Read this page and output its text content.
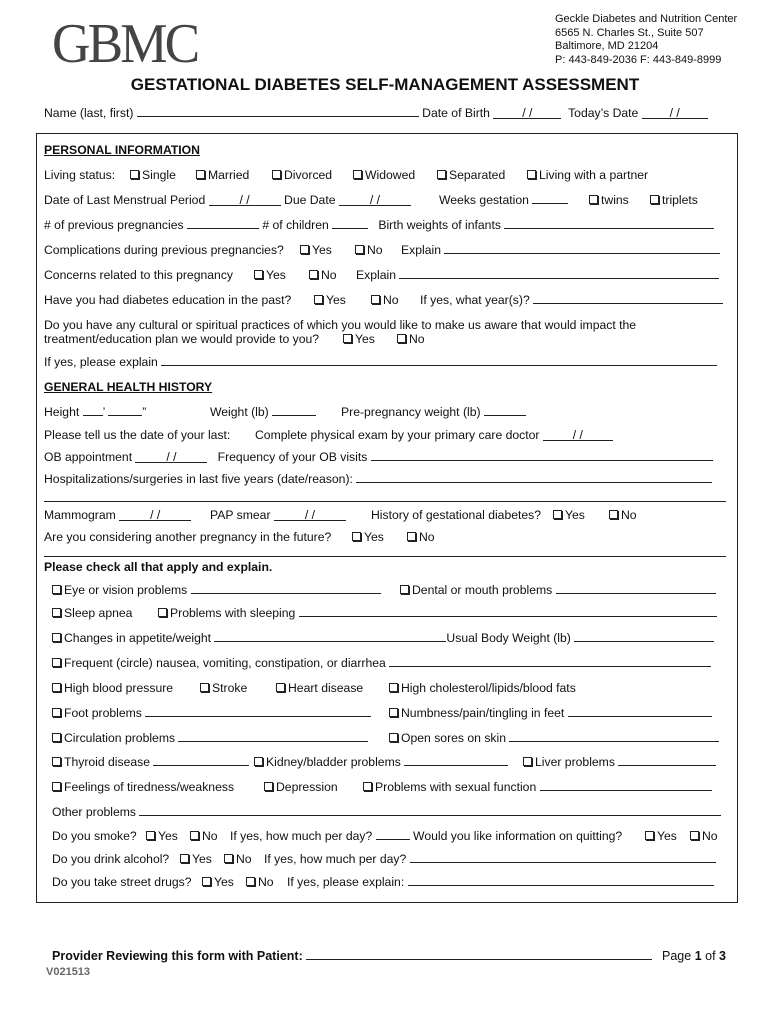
GBMC	Geckle Diabetes and Nutrition Center
6565 N. Charles St., Suite 507
Baltimore, MD 21204
P: 443-849-2036 F: 443-849-8999
GESTATIONAL DIABETES SELF-MANAGEMENT ASSESSMENT
Name (last, first)	Date of Birth	/ /	Today’s Date	/ /
PERSONAL INFORMATION
Living status:	Single	Married	Divorced	Widowed	Separated	Living with a partner
Date of Last Menstrual Period	/ /	Due Date	/ /	Weeks gestation	twins	triplets
# of previous pregnancies	# of children	Birth weights of infants
Complications during previous pregnancies?	Yes	No Explain
Concerns related to this pregnancy	Yes	No Explain
Have you had diabetes education in the past?	Yes	No If yes, what year(s)?
Do you have any cultural or spiritual practices of which you would like to make us aware that would impact the
treatment/education plan we would provide to you?	Yes	No
If yes, please explain
GENERAL HEALTH HISTORY
Height ’	”	Weight (lb)	Pre-pregnancy weight (lb)
Please tell us the date of your last: Complete physical exam by your primary care doctor	/ /
OB appointment	/ /	Frequency of your OB visits
Hospitalizations/surgeries in last five years (date/reason):
Mammogram	/ /	PAP smear	/ /	History of gestational diabetes?	Yes	No
Are you considering another pregnancy in the future?	Yes	No
Please check all that apply and explain.
Eye or vision problems	Dental or mouth problems
Sleep apnea	Problems with sleeping
Changes in appetite/weight	Usual Body Weight (lb)
Frequent (circle) nausea, vomiting, constipation, or diarrhea
High blood pressure	Stroke	Heart disease	High cholesterol/lipids/blood fats
Foot problems	Numbness/pain/tingling in feet
Circulation problems	Open sores on skin
Thyroid disease	Kidney/bladder problems	Liver problems
Feelings of tiredness/weakness	Depression	Problems with sexual function
Other problems
Do you smoke?	Yes	No If yes, how much per day?	Would you like information on quitting?	Yes	No
Do you drink alcohol?	Yes	No If yes, how much per day?
Do you take street drugs?	Yes	No If yes, please explain:
Provider Reviewing this form with Patient:	Page 1 of 3
V021513
